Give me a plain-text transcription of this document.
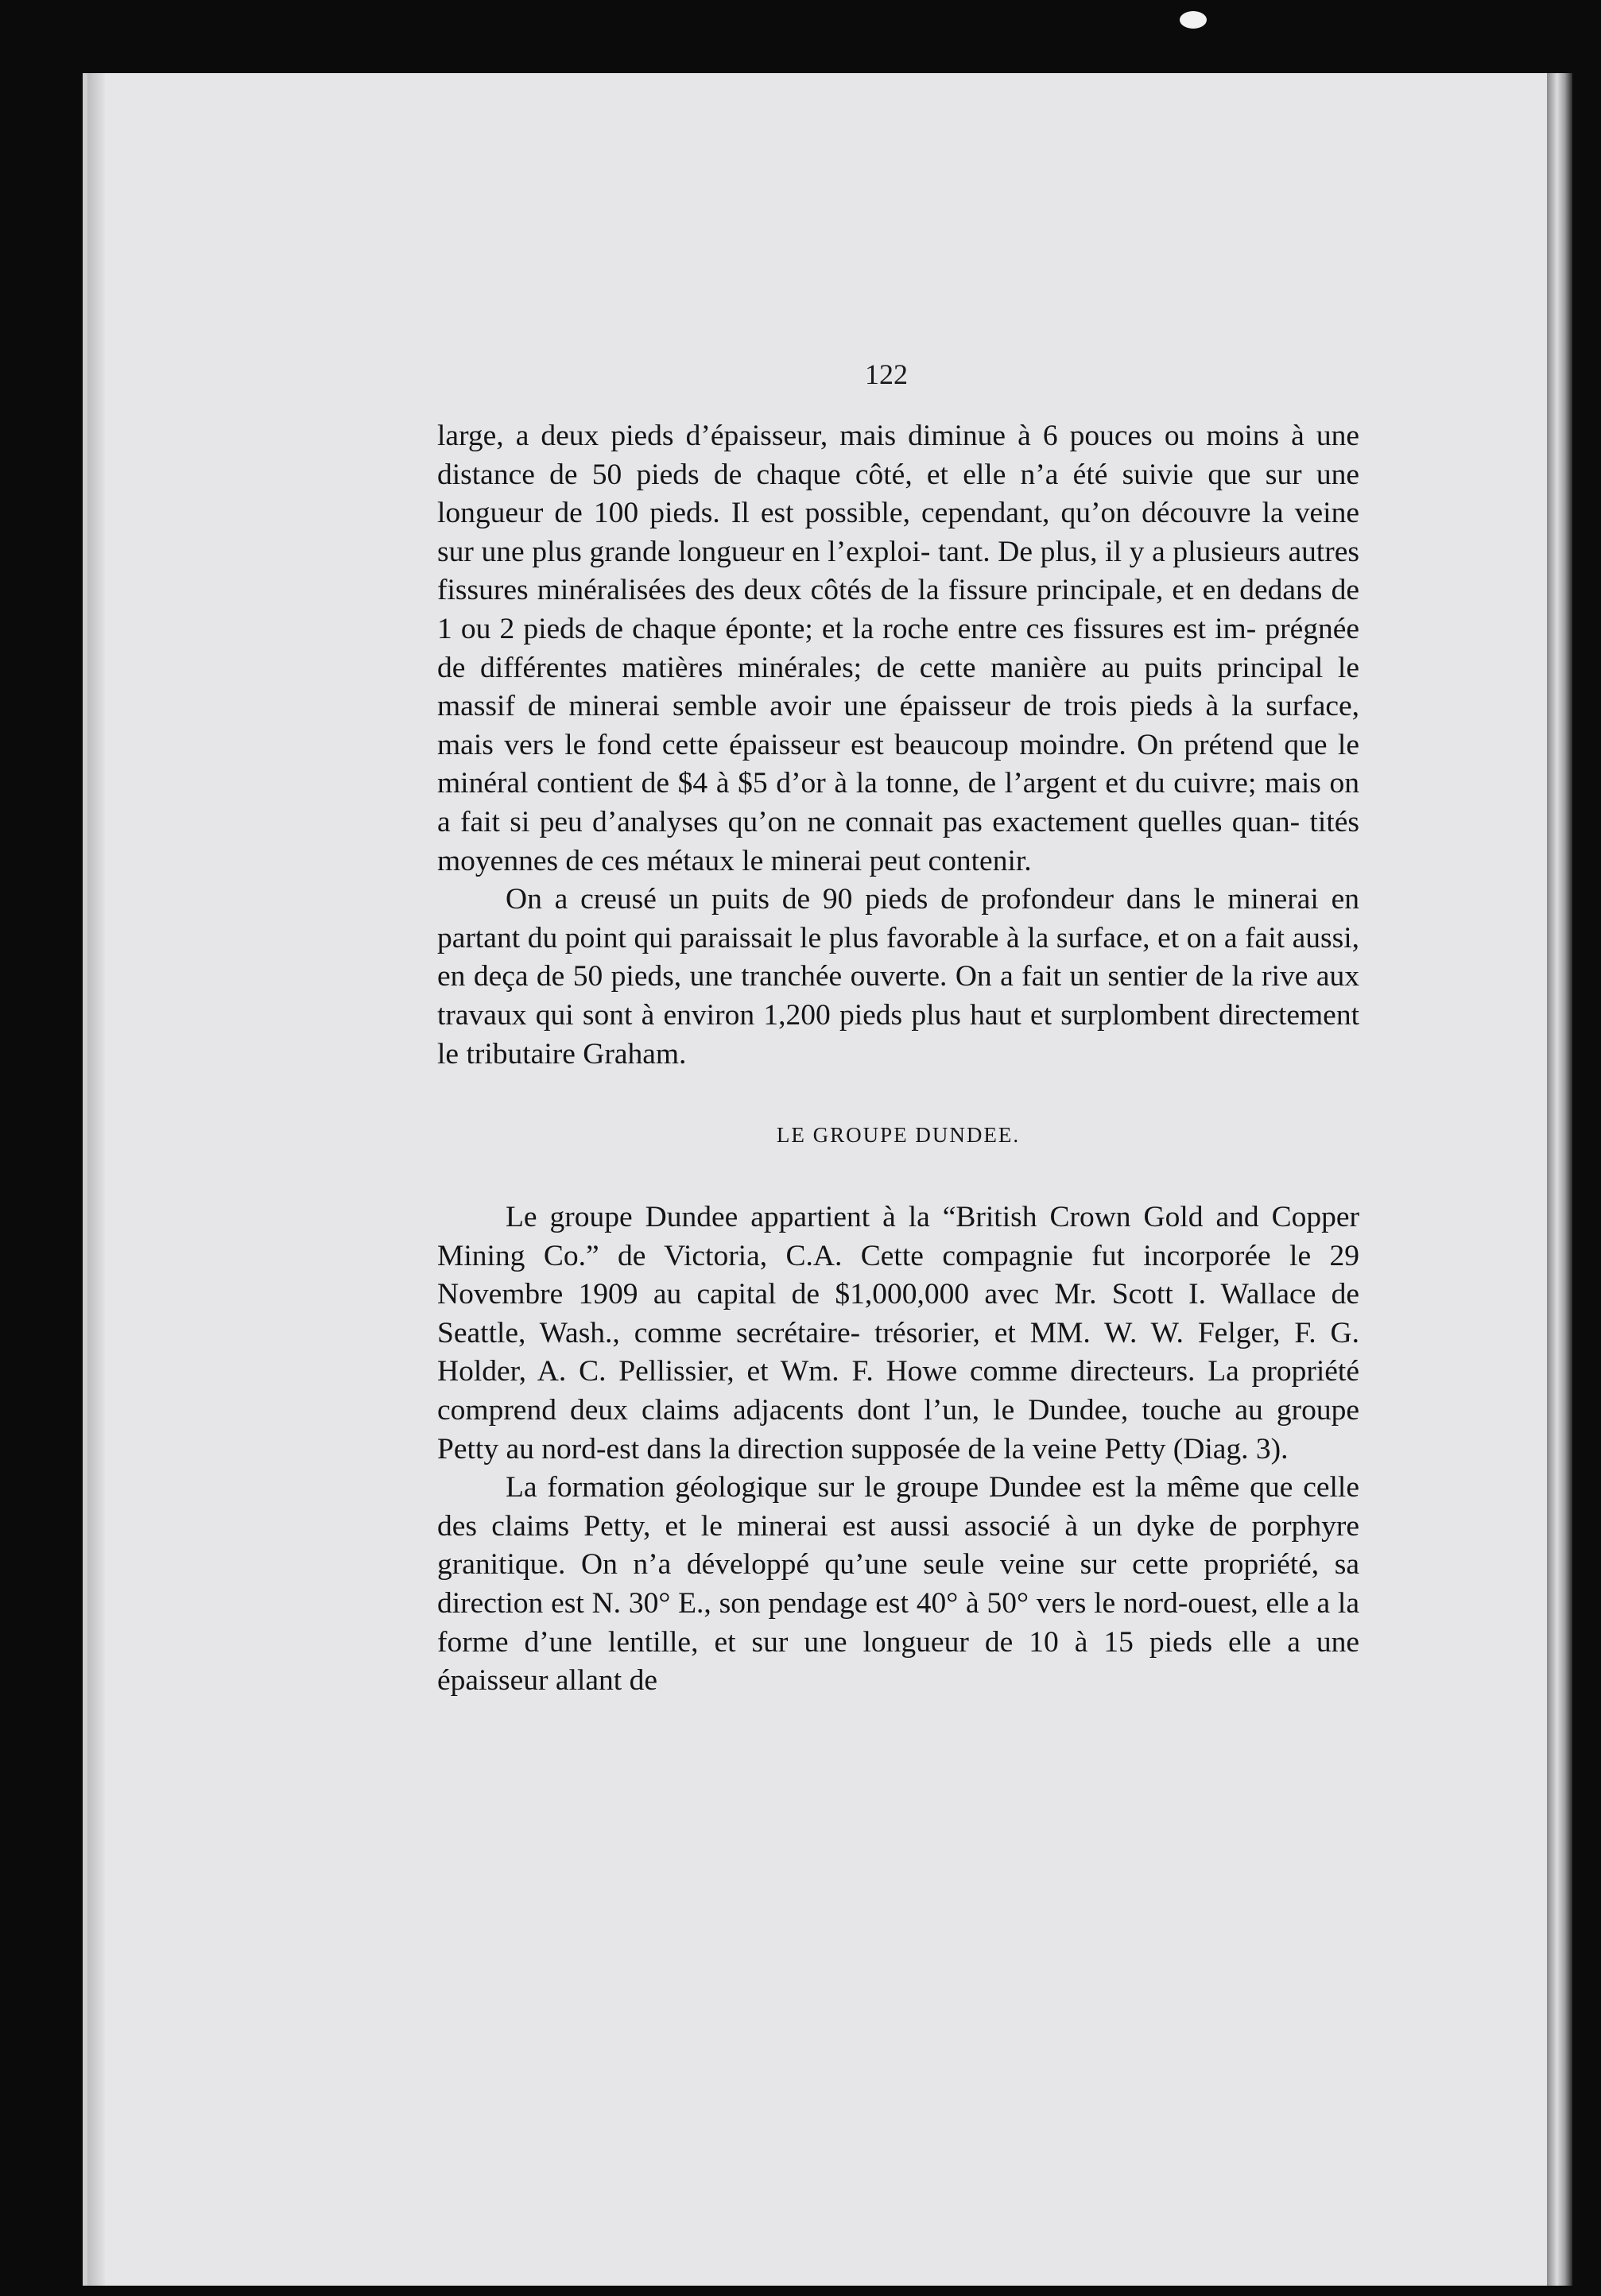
122

large, a deux pieds d’épaisseur, mais diminue à 6 pouces ou moins à une distance de 50 pieds de chaque côté, et elle n’a été suivie que sur une longueur de 100 pieds. Il est possible, cependant, qu’on découvre la veine sur une plus grande longueur en l’exploi- tant. De plus, il y a plusieurs autres fissures minéralisées des deux côtés de la fissure principale, et en dedans de 1 ou 2 pieds de chaque éponte; et la roche entre ces fissures est im- prégnée de différentes matières minérales; de cette manière au puits principal le massif de minerai semble avoir une épaisseur de trois pieds à la surface, mais vers le fond cette épaisseur est beaucoup moindre. On prétend que le minéral contient de $4 à $5 d’or à la tonne, de l’argent et du cuivre; mais on a fait si peu d’analyses qu’on ne connait pas exactement quelles quan- tités moyennes de ces métaux le minerai peut contenir.

On a creusé un puits de 90 pieds de profondeur dans le minerai en partant du point qui paraissait le plus favorable à la surface, et on a fait aussi, en deça de 50 pieds, une tranchée ouverte. On a fait un sentier de la rive aux travaux qui sont à environ 1,200 pieds plus haut et surplombent directement le tributaire Graham.

LE GROUPE DUNDEE.

Le groupe Dundee appartient à la “British Crown Gold and Copper Mining Co.” de Victoria, C.A. Cette compagnie fut incorporée le 29 Novembre 1909 au capital de $1,000,000 avec Mr. Scott I. Wallace de Seattle, Wash., comme secrétaire- trésorier, et MM. W. W. Felger, F. G. Holder, A. C. Pellissier, et Wm. F. Howe comme directeurs. La propriété comprend deux claims adjacents dont l’un, le Dundee, touche au groupe Petty au nord-est dans la direction supposée de la veine Petty (Diag. 3).

La formation géologique sur le groupe Dundee est la même que celle des claims Petty, et le minerai est aussi associé à un dyke de porphyre granitique. On n’a développé qu’une seule veine sur cette propriété, sa direction est N. 30° E., son pendage est 40° à 50° vers le nord-ouest, elle a la forme d’une lentille, et sur une longueur de 10 à 15 pieds elle a une épaisseur allant de
